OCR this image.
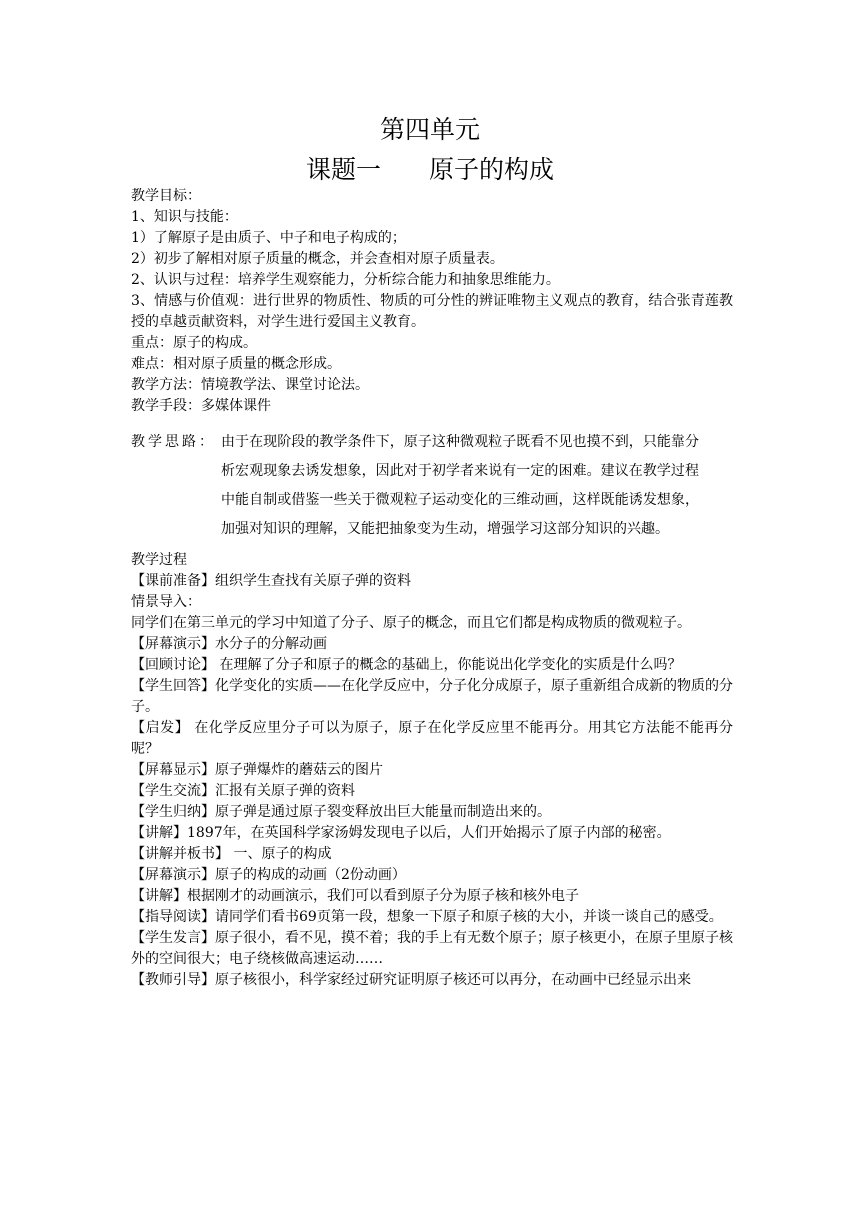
第四单元
课题一 原子的构成

教学目标：

1、知识与技能：

1）了解原子是由质子、中子和电子构成的；

2）初步了解相对原子质量的概念，并会查相对原子质量表。

2、认识与过程：培养学生观察能力，分析综合能力和抽象思维能力。

3、情感与价值观：进行世界的物质性、物质的可分性的辨证唯物主义观点的教育，结合张青莲教授的卓越贡献资料，对学生进行爱国主义教育。

重点：原子的构成。

难点：相对原子质量的概念形成。

教学方法：情境教学法、课堂讨论法。

教学手段：多媒体课件

教学思路： 由于在现阶段的教学条件下，原子这种微观粒子既看不见也摸不到，只能靠分析宏观现象去诱发想象，因此对于初学者来说有一定的困难。建议在教学过程中能自制或借鉴一些关于微观粒子运动变化的三维动画，这样既能诱发想象，加强对知识的理解，又能把抽象变为生动，增强学习这部分知识的兴趣。

教学过程

【课前准备】组织学生查找有关原子弹的资料

情景导入：

同学们在第三单元的学习中知道了分子、原子的概念，而且它们都是构成物质的微观粒子。

【屏幕演示】水分子的分解动画

【回顾讨论】 在理解了分子和原子的概念的基础上，你能说出化学变化的实质是什么吗？

【学生回答】化学变化的实质——在化学反应中，分子化分成原子，原子重新组合成新的物质的分子。

【启发】 在化学反应里分子可以为原子，原子在化学反应里不能再分。用其它方法能不能再分呢？

【屏幕显示】原子弹爆炸的蘑菇云的图片

【学生交流】汇报有关原子弹的资料

【学生归纳】原子弹是通过原子裂变释放出巨大能量而制造出来的。

【讲解】1897年，在英国科学家汤姆发现电子以后，人们开始揭示了原子内部的秘密。

【讲解并板书】 一、原子的构成

【屏幕演示】原子的构成的动画（2份动画）

【讲解】根据刚才的动画演示，我们可以看到原子分为原子核和核外电子

【指导阅读】请同学们看书69页第一段，想象一下原子和原子核的大小，并谈一谈自己的感受。

【学生发言】原子很小，看不见，摸不着；我的手上有无数个原子；原子核更小，在原子里原子核外的空间很大；电子绕核做高速运动……

【教师引导】原子核很小，科学家经过研究证明原子核还可以再分，在动画中已经显示出来
